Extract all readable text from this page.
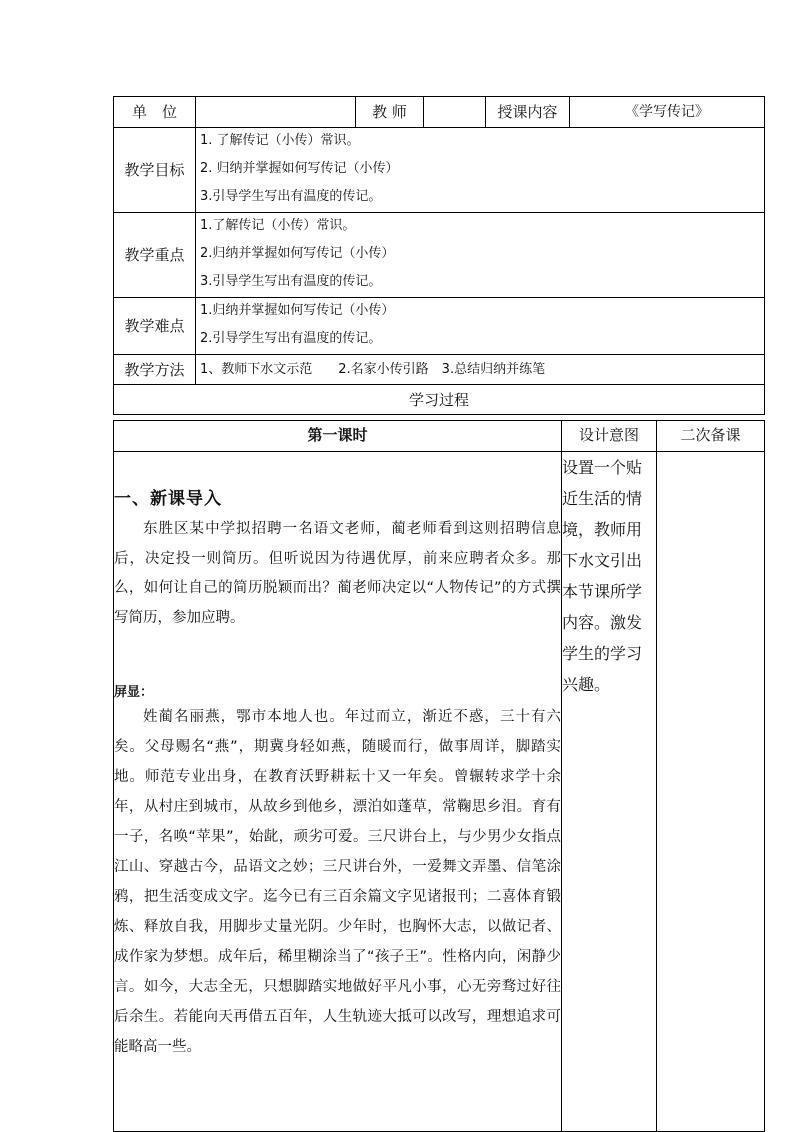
单　位		教 师		授课内容	《学写传记》
教学目标	1. 了解传记（小传）常识。
2. 归纳并掌握如何写传记（小传）
3.引导学生写出有温度的传记。				

教学重点	1.了解传记（小传）常识。
2.归纳并掌握如何写传记（小传）
3.引导学生写出有温度的传记。				

教学难点	1.归纳并掌握如何写传记（小传）
2.引导学生写出有温度的传记。				

教学方法	1、教师下水文示范　　2.名家小传引路　3.总结归纳并练笔				
学习过程					
第一课时	设计意图	二次备课

一、新课导入

东胜区某中学拟招聘一名语文老师，蔺老师看到这则招聘信息后，决定投一则简历。但听说因为待遇优厚，前来应聘者众多。那么，如何让自己的简历脱颖而出？蔺老师决定以“人物传记”的方式撰写简历，参加应聘。

屏显：

姓蔺名丽燕，鄂市本地人也。年过而立，渐近不惑，三十有六矣。父母赐名“燕”，期冀身轻如燕，随暖而行，做事周详，脚踏实地。师范专业出身，在教育沃野耕耘十又一年矣。曾辗转求学十余年，从村庄到城市，从故乡到他乡，漂泊如蓬草，常鞠思乡泪。育有一子，名唤“苹果”，始龀，顽劣可爱。三尺讲台上，与少男少女指点江山、穿越古今，品语文之妙；三尺讲台外，一爱舞文弄墨、信笔涂鸦，把生活变成文字。迄今已有三百余篇文字见诸报刊；二喜体育锻炼、释放自我，用脚步丈量光阴。少年时，也胸怀大志，以做记者、成作家为梦想。成年后，稀里糊涂当了“孩子王”。性格内向，闲静少言。如今，大志全无，只想脚踏实地做好平凡小事，心无旁骛过好往后余生。若能向天再借五百年，人生轨迹大抵可以改写，理想追求可能略高一些。	设置一个贴近生活的情境，教师用下水文引出本节课所学内容。激发学生的学习兴趣。	
